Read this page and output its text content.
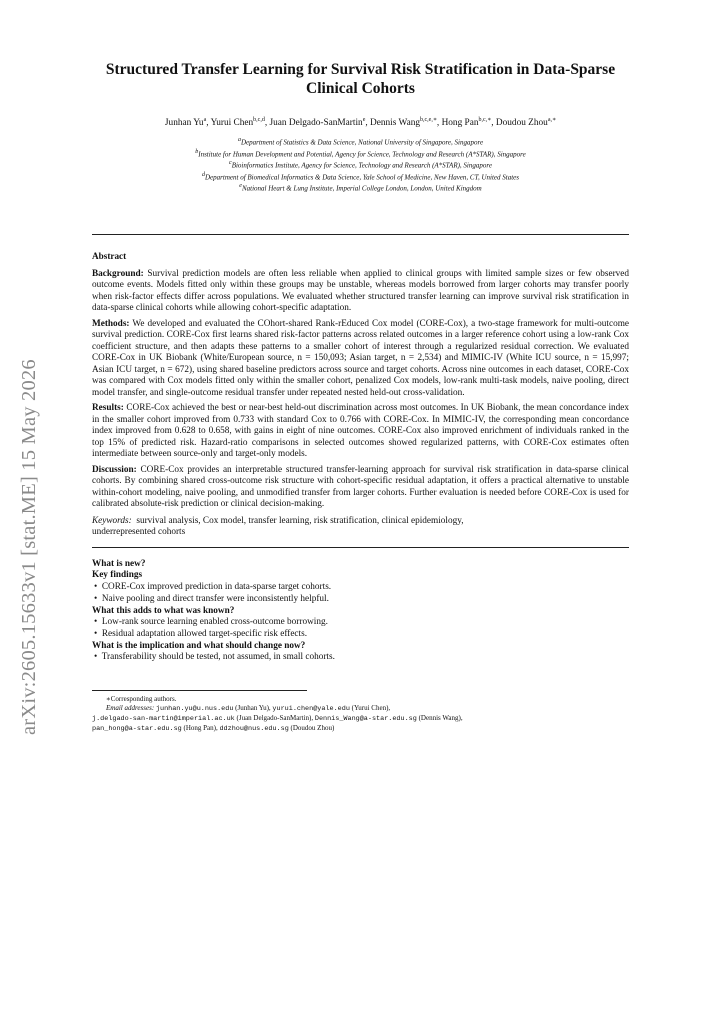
arXiv:2605.15633v1 [stat.ME] 15 May 2026
Structured Transfer Learning for Survival Risk Stratification in Data-Sparse
Clinical Cohorts
Junhan Yu$^a$, Yurui Chen$^{b,c,d}$, Juan Delgado-SanMartin$^e$, Dennis Wang$^{b,c,e,∗}$, Hong Pan$^{b,c,∗}$, Doudou Zhou$^{a,∗}$
$^a$Department of Statistics & Data Science, National University of Singapore, Singapore
$^b$Institute for Human Development and Potential, Agency for Science, Technology and Research (A*STAR), Singapore
$^c$Bioinformatics Institute, Agency for Science, Technology and Research (A*STAR), Singapore
$^d$Department of Biomedical Informatics & Data Science, Yale School of Medicine, New Haven, CT, United States
$^e$National Heart & Lung Institute, Imperial College London, London, United Kingdom
Abstract

Background: Survival prediction models are often less reliable when applied to clinical groups with limited sample sizes or few observed outcome events. Models fitted only within these groups may be unstable, whereas models borrowed from larger cohorts may transfer poorly when risk-factor effects differ across populations. We evaluated whether structured transfer learning can improve survival risk stratification in data-sparse clinical cohorts while allowing cohort-specific adaptation.

Methods: We developed and evaluated the COhort-shared Rank-rEduced Cox model (CORE-Cox), a two-stage framework for multi-outcome survival prediction. CORE-Cox first learns shared risk-factor patterns across related outcomes in a larger reference cohort using a low-rank Cox coefficient structure, and then adapts these patterns to a smaller cohort of interest through a regularized residual correction. We evaluated CORE-Cox in UK Biobank (White/European source, n = 150,093; Asian target, n = 2,534) and MIMIC-IV (White ICU source, n = 15,997; Asian ICU target, n = 672), using shared baseline predictors across source and target cohorts. Across nine outcomes in each dataset, CORE-Cox was compared with Cox models fitted only within the smaller cohort, penalized Cox models, low-rank multi-task models, naive pooling, direct model transfer, and single-outcome residual transfer under repeated nested held-out cross-validation.

Results: CORE-Cox achieved the best or near-best held-out discrimination across most outcomes. In UK Biobank, the mean concordance index in the smaller cohort improved from 0.733 with standard Cox to 0.766 with CORE-Cox. In MIMIC-IV, the corresponding mean concordance index improved from 0.628 to 0.658, with gains in eight of nine outcomes. CORE-Cox also improved enrichment of individuals ranked in the top 15% of predicted risk. Hazard-ratio comparisons in selected outcomes showed regularized patterns, with CORE-Cox estimates often intermediate between source-only and target-only models.

Discussion: CORE-Cox provides an interpretable structured transfer-learning approach for survival risk stratification in data-sparse clinical cohorts. By combining shared cross-outcome risk structure with cohort-specific residual adaptation, it offers a practical alternative to unstable within-cohort modeling, naive pooling, and unmodified transfer from larger cohorts. Further evaluation is needed before CORE-Cox is used for calibrated absolute-risk prediction or clinical decision-making.

Keywords: survival analysis, Cox model, transfer learning, risk stratification, clinical epidemiology,
underrepresented cohorts
What is new?
Key findings
•  CORE-Cox improved prediction in data-sparse target cohorts.
•  Naive pooling and direct transfer were inconsistently helpful.
What this adds to what was known?
•  Low-rank source learning enabled cross-outcome borrowing.
•  Residual adaptation allowed target-specific risk effects.
What is the implication and what should change now?
•  Transferability should be tested, not assumed, in small cohorts.
∗Corresponding authors.
Email addresses: junhan.yu@u.nus.edu (Junhan Yu), yurui.chen@yale.edu (Yurui Chen),
j.delgado-san-martin@imperial.ac.uk (Juan Delgado-SanMartin), Dennis_Wang@a-star.edu.sg (Dennis Wang),
pan_hong@a-star.edu.sg (Hong Pan), ddzhou@nus.edu.sg (Doudou Zhou)
